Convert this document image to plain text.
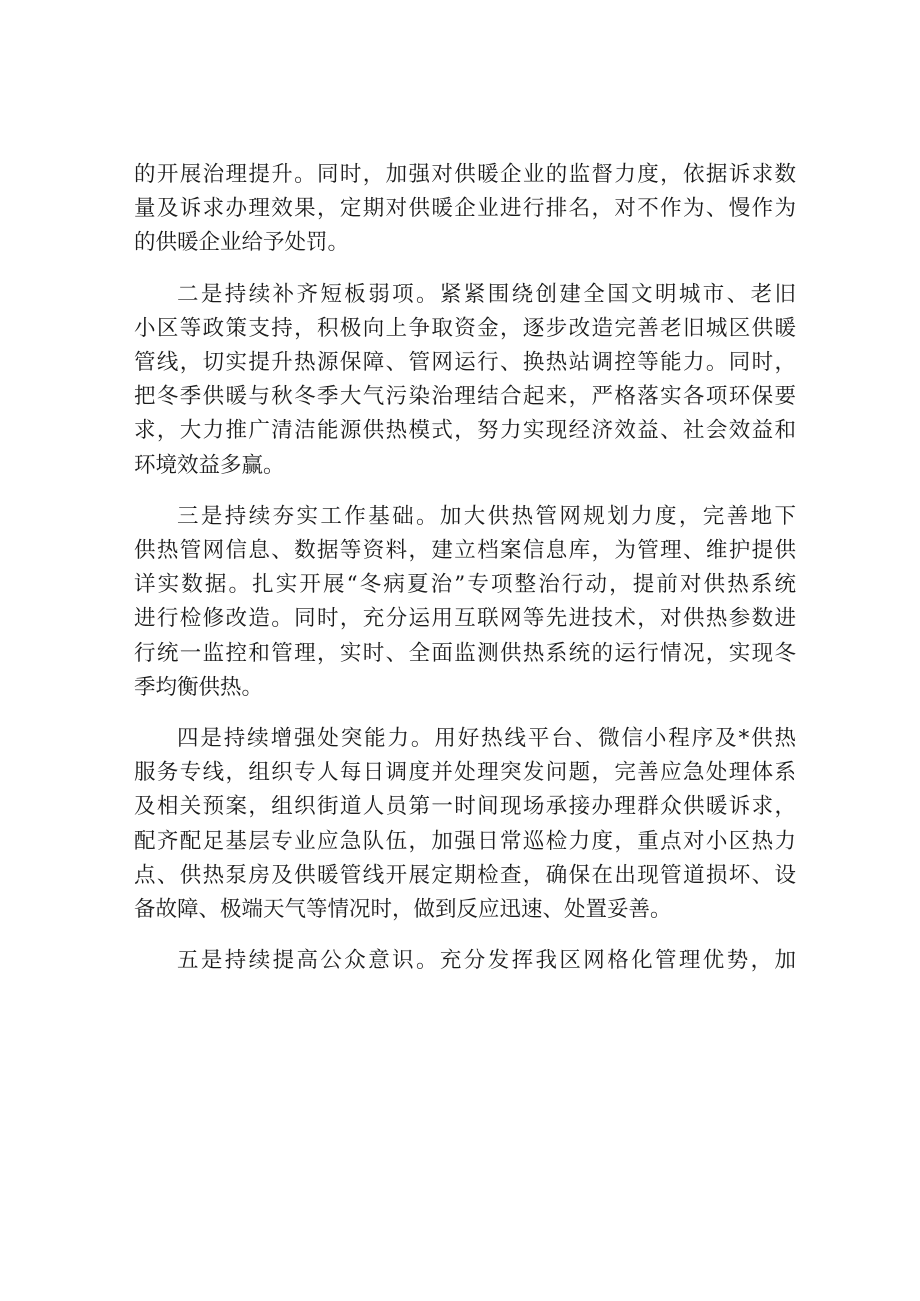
的开展治理提升。同时，加强对供暖企业的监督力度，依据诉求数
量及诉求办理效果，定期对供暖企业进行排名，对不作为、慢作为
的供暖企业给予处罚。

二是持续补齐短板弱项。紧紧围绕创建全国文明城市、老旧
小区等政策支持，积极向上争取资金，逐步改造完善老旧城区供暖
管线，切实提升热源保障、管网运行、换热站调控等能力。同时，
把冬季供暖与秋冬季大气污染治理结合起来，严格落实各项环保要
求，大力推广清洁能源供热模式，努力实现经济效益、社会效益和
环境效益多赢。

三是持续夯实工作基础。加大供热管网规划力度，完善地下
供热管网信息、数据等资料，建立档案信息库，为管理、维护提供
详实数据。扎实开展“冬病夏治”专项整治行动，提前对供热系统
进行检修改造。同时，充分运用互联网等先进技术，对供热参数进
行统一监控和管理，实时、全面监测供热系统的运行情况，实现冬
季均衡供热。

四是持续增强处突能力。用好热线平台、微信小程序及*供热
服务专线，组织专人每日调度并处理突发问题，完善应急处理体系
及相关预案，组织街道人员第一时间现场承接办理群众供暖诉求，
配齐配足基层专业应急队伍，加强日常巡检力度，重点对小区热力
点、供热泵房及供暖管线开展定期检查，确保在出现管道损坏、设
备故障、极端天气等情况时，做到反应迅速、处置妥善。

五是持续提高公众意识。充分发挥我区网格化管理优势，加
